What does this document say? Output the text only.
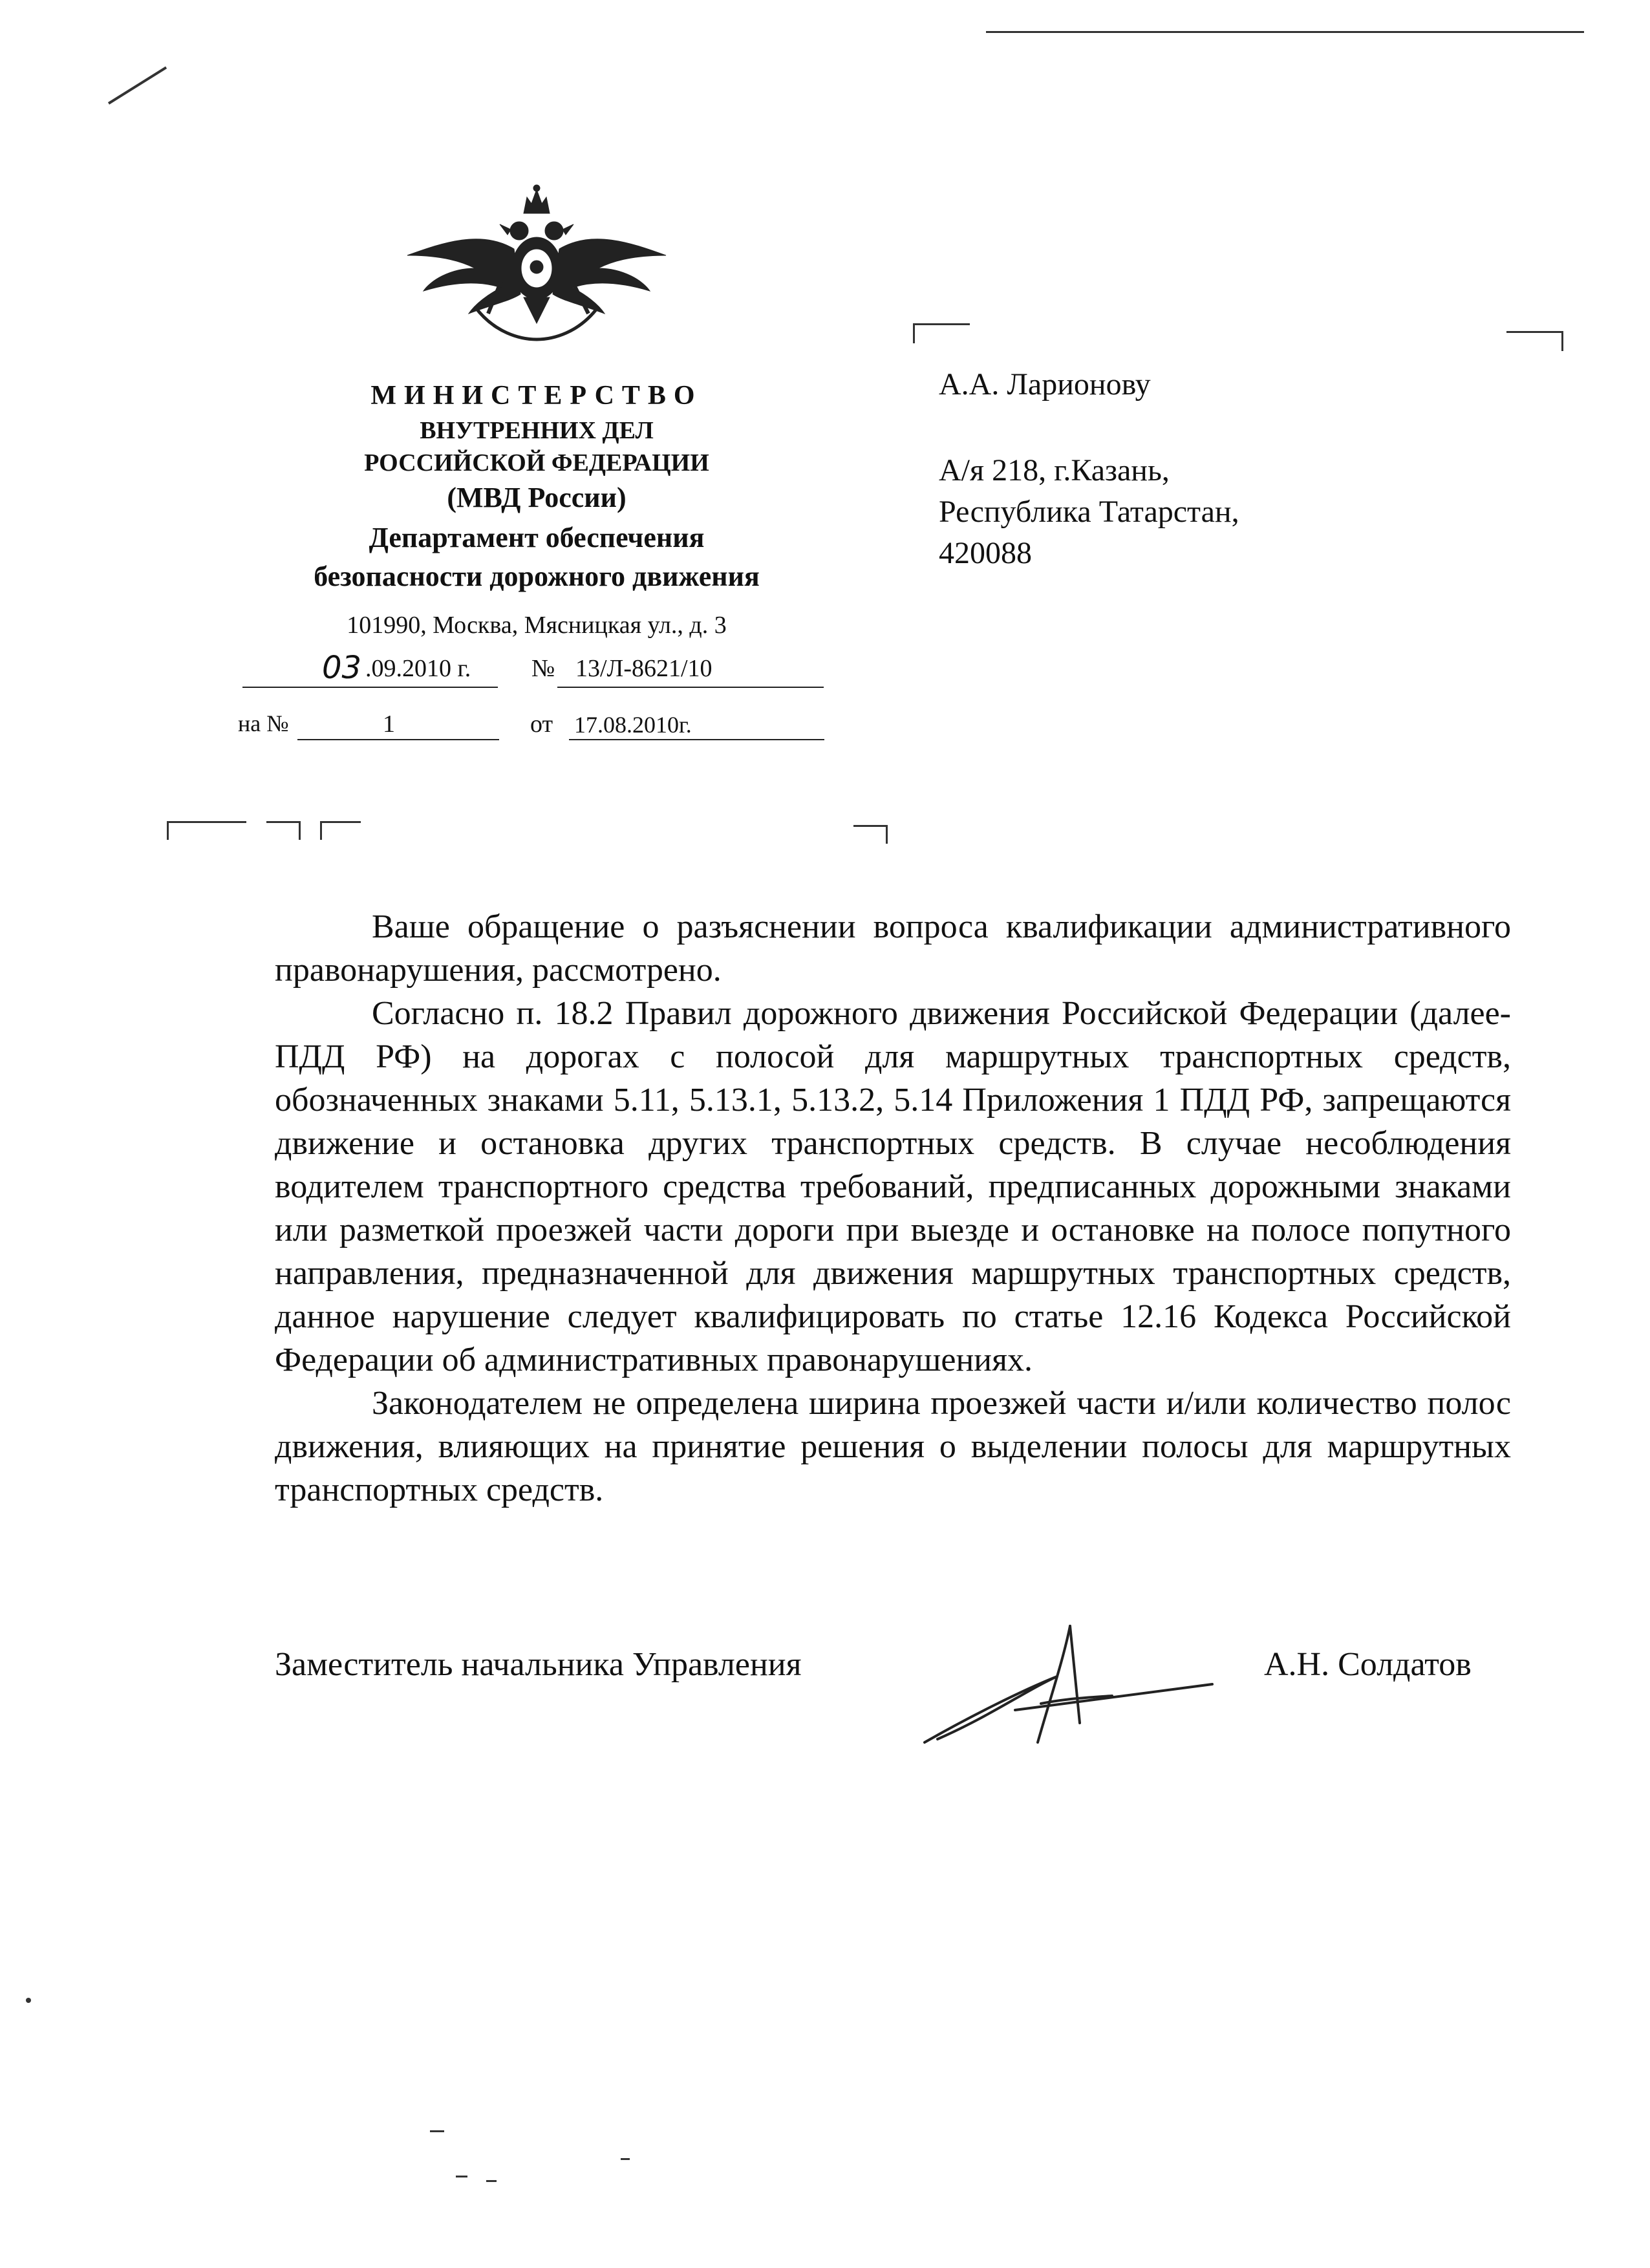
МИНИСТЕРСТВО
ВНУТРЕННИХ ДЕЛ
РОССИЙСКОЙ ФЕДЕРАЦИИ
(МВД России)
Департамент обеспечения
безопасности дорожного движения
101990, Москва, Мясницкая ул., д. 3
03 .09.2010 г. № 13/Л-8621/10
на №	1	от 17.08.2010г.
А.А. Ларионову
А/я 218, г.Казань,
Республика Татарстан,
420088

Ваше обращение о разъяснении вопроса квалификации административного правонарушения, рассмотрено.

Согласно п. 18.2 Правил дорожного движения Российской Федерации (далее- ПДД РФ) на дорогах с полосой для маршрутных транспортных средств, обозначенных знаками 5.11, 5.13.1, 5.13.2, 5.14 Приложения 1 ПДД РФ, запрещаются движение и остановка других транспортных средств. В случае несоблюдения водителем транспортного средства требований, предписанных дорожными знаками или разметкой проезжей части дороги при выезде и остановке на полосе попутного направления, предназначенной для движения маршрутных транспортных средств, данное нарушение следует квалифицировать по статье 12.16 Кодекса Российской Федерации об административных правонарушениях.

Законодателем не определена ширина проезжей части и/или количество полос движения, влияющих на принятие решения о выделении полосы для маршрутных транспортных средств.

Заместитель начальника Управления	А.Н. Солдатов
